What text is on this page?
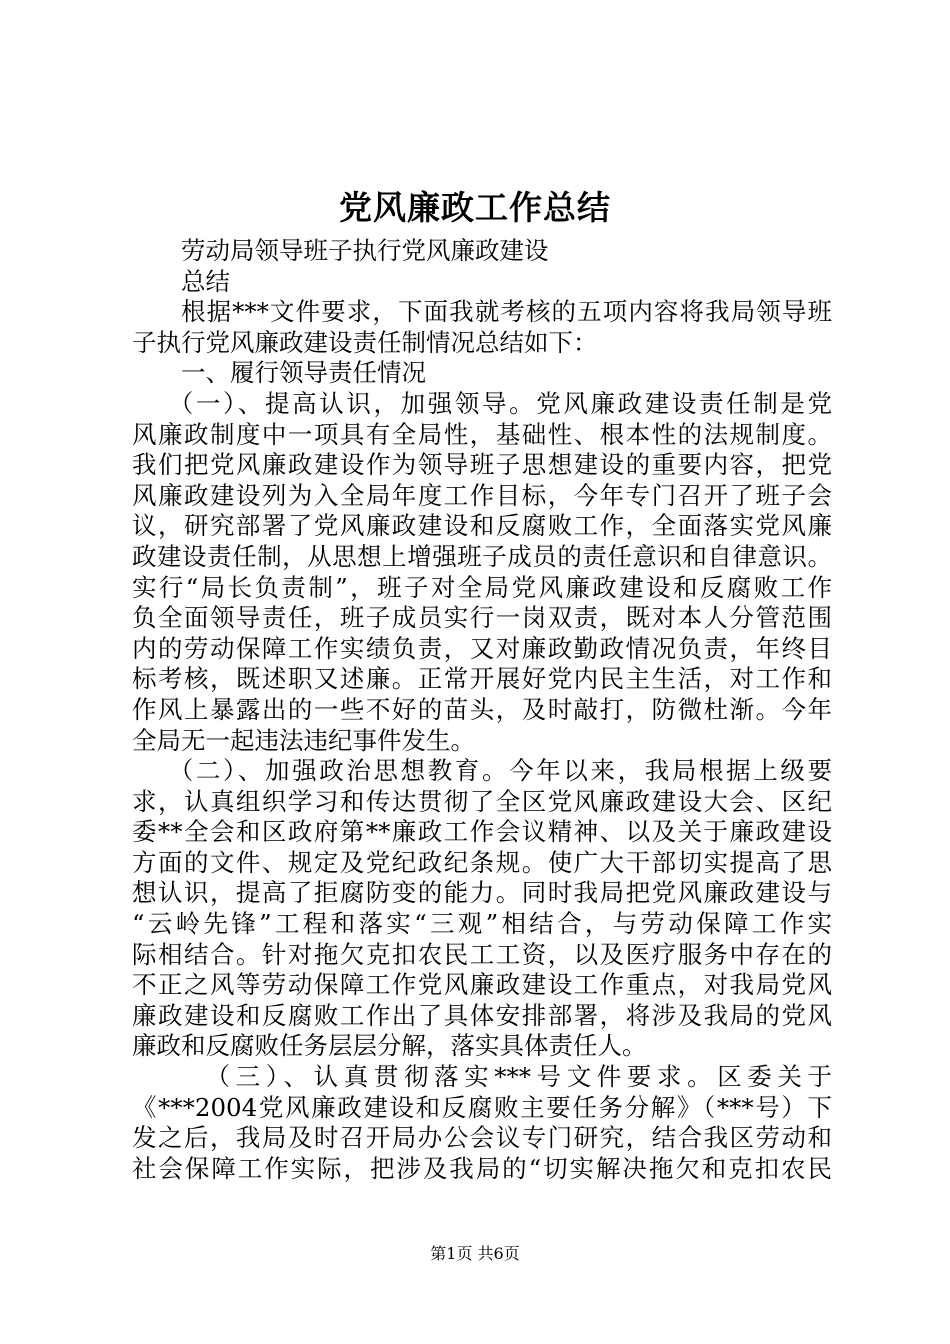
党风廉政工作总结
劳动局领导班子执行党风廉政建设
总结
根据***文件要求，下面我就考核的五项内容将我局领导班
子执行党风廉政建设责任制情况总结如下：
一、履行领导责任情况
（一）、提高认识，加强领导。党风廉政建设责任制是党
风廉政制度中一项具有全局性，基础性、根本性的法规制度。
我们把党风廉政建设作为领导班子思想建设的重要内容，把党
风廉政建设列为入全局年度工作目标，今年专门召开了班子会
议，研究部署了党风廉政建设和反腐败工作，全面落实党风廉
政建设责任制，从思想上增强班子成员的责任意识和自律意识。
实行“局长负责制”，班子对全局党风廉政建设和反腐败工作
负全面领导责任，班子成员实行一岗双责，既对本人分管范围
内的劳动保障工作实绩负责，又对廉政勤政情况负责，年终目
标考核，既述职又述廉。正常开展好党内民主生活，对工作和
作风上暴露出的一些不好的苗头，及时敲打，防微杜渐。今年
全局无一起违法违纪事件发生。
（二）、加强政治思想教育。今年以来，我局根据上级要
求，认真组织学习和传达贯彻了全区党风廉政建设大会、区纪
委**全会和区政府第**廉政工作会议精神、以及关于廉政建设
方面的文件、规定及党纪政纪条规。使广大干部切实提高了思
想认识，提高了拒腐防变的能力。同时我局把党风廉政建设与
“云岭先锋”工程和落实“三观”相结合，与劳动保障工作实
际相结合。针对拖欠克扣农民工工资，以及医疗服务中存在的
不正之风等劳动保障工作党风廉政建设工作重点，对我局党风
廉政建设和反腐败工作出了具体安排部署，将涉及我局的党风
廉政和反腐败任务层层分解，落实具体责任人。
（三）、认真贯彻落实***号文件要求。区委关于
《***2004党风廉政建设和反腐败主要任务分解》（***号）下
发之后，我局及时召开局办公会议专门研究，结合我区劳动和
社会保障工作实际，把涉及我局的“切实解决拖欠和克扣农民
第1页 共6页
